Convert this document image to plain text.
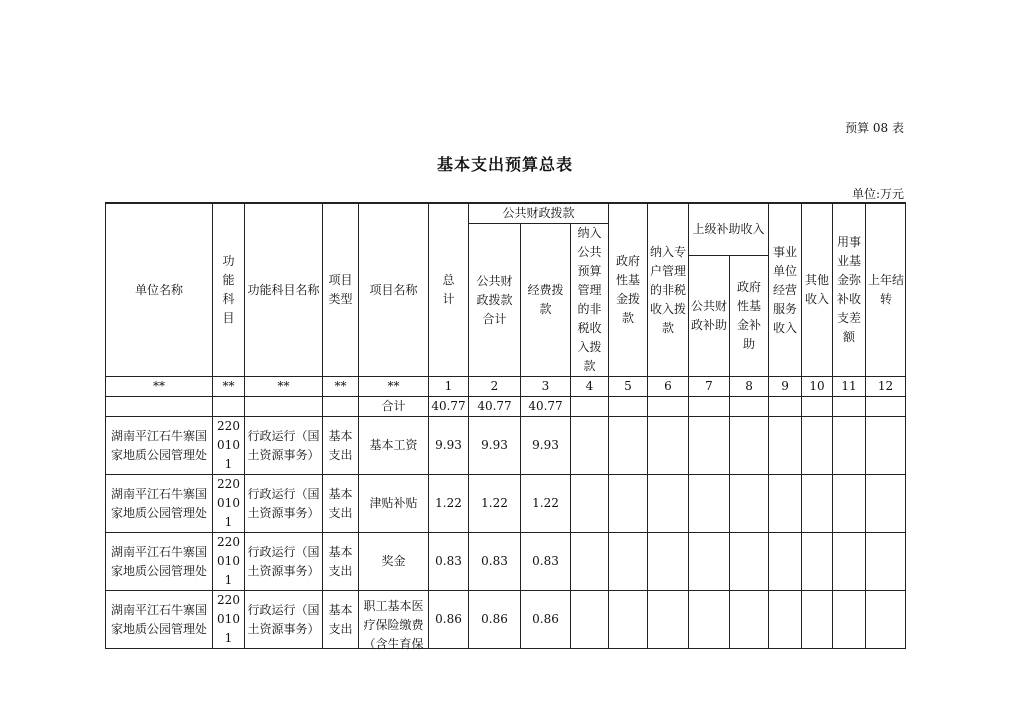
预算 08 表
基本支出预算总表
单位:万元
单位名称	功能科目	功能科目名称	项目类型	项目名称	总　计	公共财政拨款			政府性基金拨款	纳入专户管理的非税收入拨款	上级补助收入		事业单位经营服务收入	其他收入	用事业基金弥补收支差额	上年结转

						公共财政拨款合计	经费拨款	纳入公共预算管理的非税收入拨款								
											公共财政补助	政府性基金补助				
**	**	**	**	**	1	2	3	4	5	6	7	8	9	10	11	12
				合计	40.77	40.77	40.77									
湖南平江石牛寨国家地质公园管理处	2200101	行政运行（国土资源事务）	基本支出	基本工资	9.93	9.93	9.93									
湖南平江石牛寨国家地质公园管理处	2200101	行政运行（国土资源事务）	基本支出	津贴补贴	1.22	1.22	1.22									
湖南平江石牛寨国家地质公园管理处	2200101	行政运行（国土资源事务）	基本支出	奖金	0.83	0.83	0.83									
湖南平江石牛寨国家地质公园管理处	2200101	行政运行（国土资源事务）	基本支出	职工基本医疗保险缴费（含生育保	0.86	0.86	0.86									
